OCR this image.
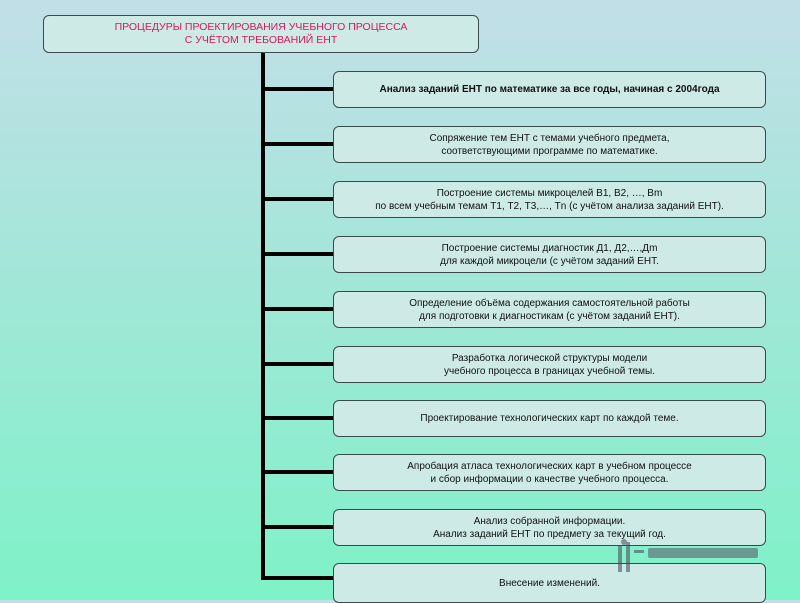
ПРОЦЕДУРЫ ПРОЕКТИРОВАНИЯ УЧЕБНОГО ПРОЦЕССА
С УЧЁТОМ ТРЕБОВАНИЙ ЕНТ
Анализ заданий ЕНТ по математике за все годы, начиная с 2004года
Сопряжение тем ЕНТ с темами учебного предмета,
соответствующими программе по математике.
Построение системы микроцелей В1, В2, …, Вm
по всем учебным темам Т1, Т2, Т3,…, Тn (с учётом анализа заданий ЕНТ).
Построение системы диагностик Д1, Д2,…,Дm
для каждой микроцели (с учётом заданий ЕНТ.
Определение объёма содержания самостоятельной работы
для подготовки к диагностикам (с учётом заданий ЕНТ).
Разработка логической структуры модели
учебного процесса в границах учебной темы.
Проектирование технологических карт по каждой теме.
Апробация атласа технологических карт в учебном процессе
и сбор информации о качестве учебного процесса.
Анализ собранной информации.
Анализ заданий ЕНТ по предмету за текущий год.
Внесение изменений.
